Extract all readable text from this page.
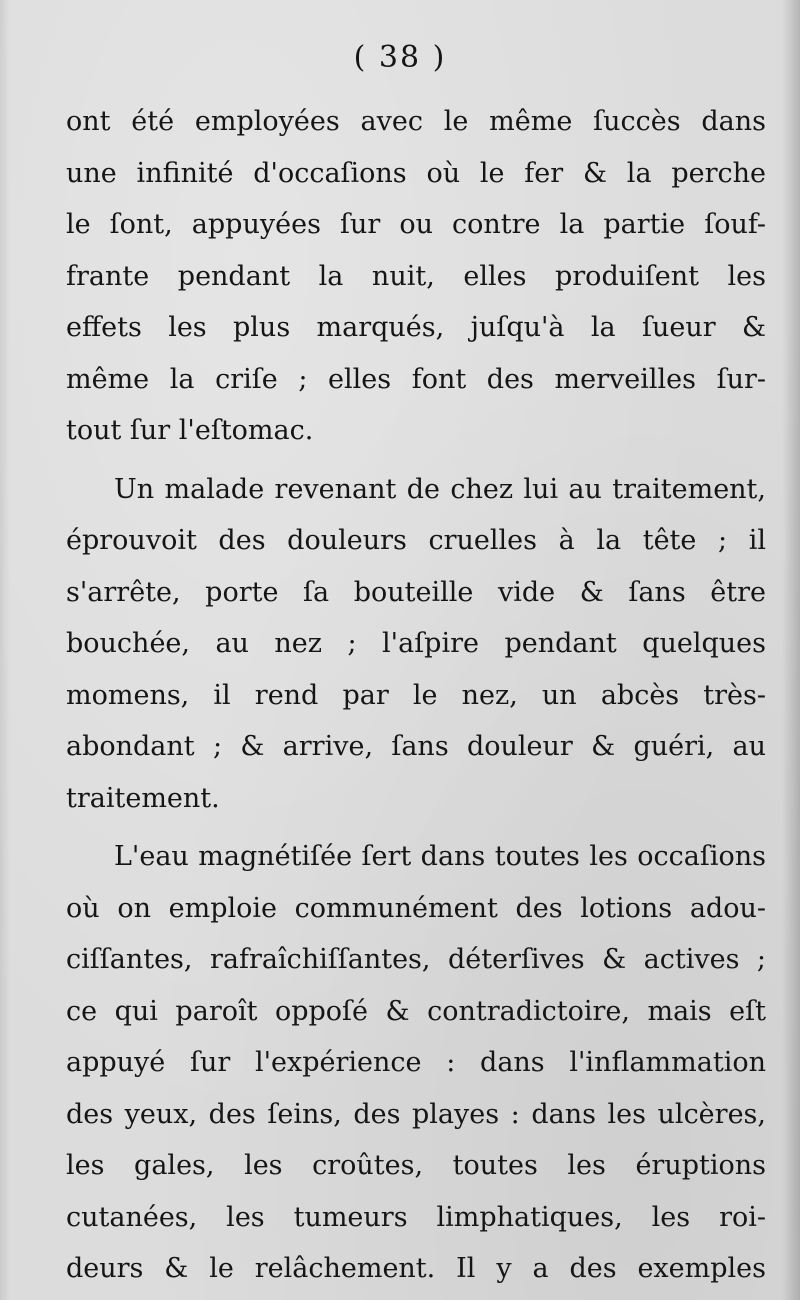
( 38 )
ont été employées avec le même ſuccès dans
une infinité d'occaſions où le fer & la perche
le ſont, appuyées ſur ou contre la partie ſouf-
frante pendant la nuit, elles produiſent les
effets les plus marqués, juſqu'à la ſueur &
même la criſe ; elles font des merveilles ſur-
tout ſur l'eſtomac.
Un malade revenant de chez lui au traitement,
éprouvoit des douleurs cruelles à la tête ; il
s'arrête, porte ſa bouteille vide & ſans être
bouchée, au nez ; l'aſpire pendant quelques
momens, il rend par le nez, un abcès très-
abondant ; & arrive, ſans douleur & guéri, au
traitement.
L'eau magnétiſée ſert dans toutes les occaſions
où on emploie communément des lotions adou-
ciſſantes, rafraîchiſſantes, déterſives & actives ;
ce qui paroît oppoſé & contradictoire, mais eſt
appuyé ſur l'expérience : dans l'inflammation
des yeux, des ſeins, des playes : dans les ulcères,
les gales, les croûtes, toutes les éruptions
cutanées, les tumeurs limphatiques, les roi-
deurs & le relâchement. Il y a des exemples
